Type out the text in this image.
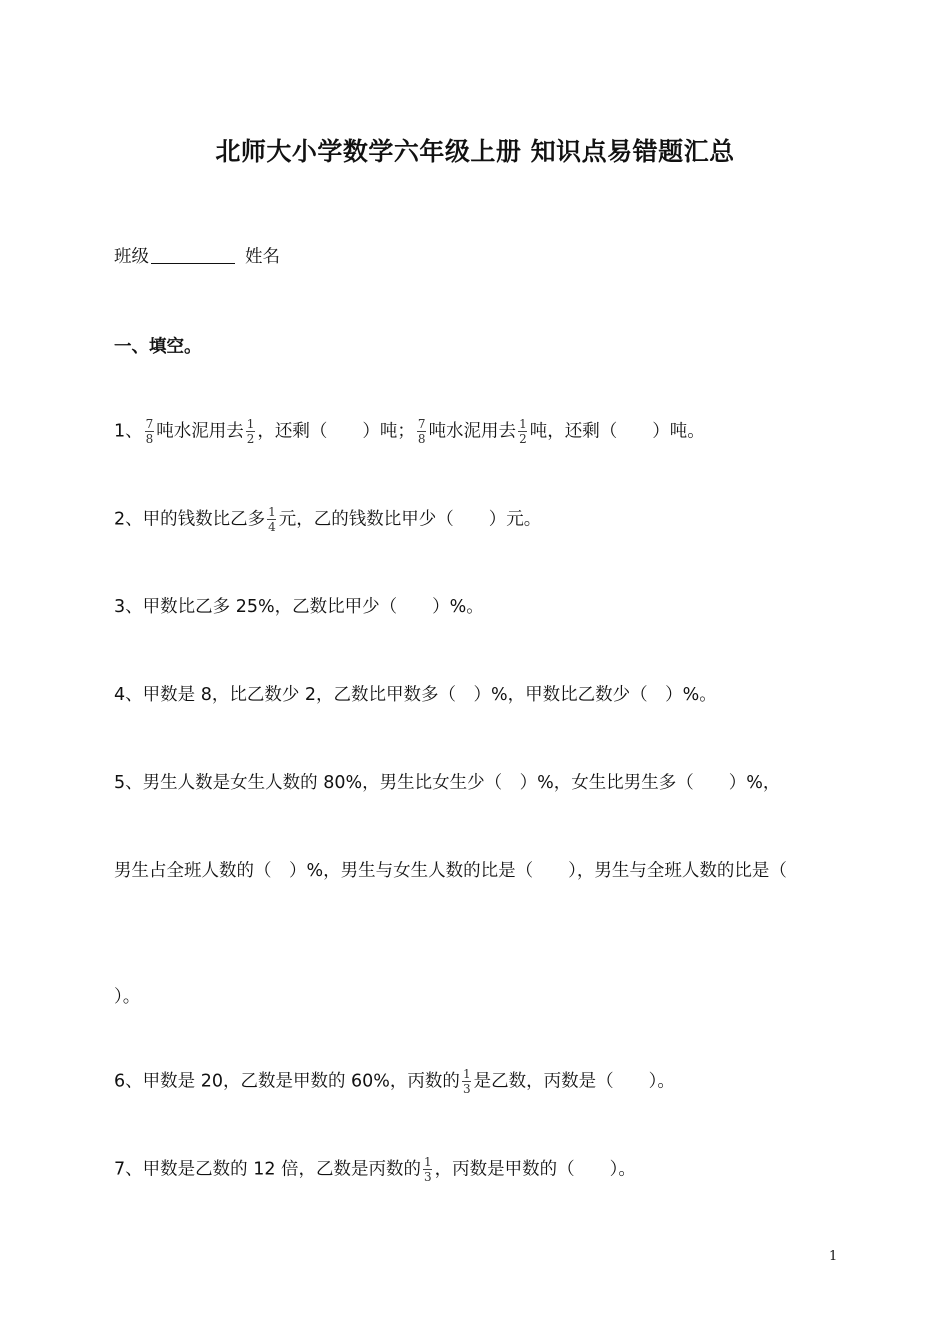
北师大小学数学六年级上册 知识点易错题汇总
班级	姓名
一、填空。
1、 $\frac{7}{8}$ 吨水泥用去 $\frac{1}{2}$ ，还剩（　　）吨； $\frac{7}{8}$ 吨水泥用去 $\frac{1}{2}$ 吨，还剩（　　）吨。
2、甲的钱数比乙多 $\frac{1}{4}$ 元，乙的钱数比甲少（　　）元。
3、甲数比乙多 25%，乙数比甲少（　　）%。
4、甲数是 8，比乙数少 2，乙数比甲数多（　）%，甲数比乙数少（　）%。
5、男生人数是女生人数的 80%，男生比女生少（　）%，女生比男生多（　　）%，
男生占全班人数的（　）%，男生与女生人数的比是（　　），男生与全班人数的比是（
）。
6、甲数是 20，乙数是甲数的 60%，丙数的 $\frac{1}{3}$ 是乙数，丙数是（　　）。
7、甲数是乙数的 12 倍，乙数是丙数的 $\frac{1}{3}$ ，丙数是甲数的（　　）。
1
